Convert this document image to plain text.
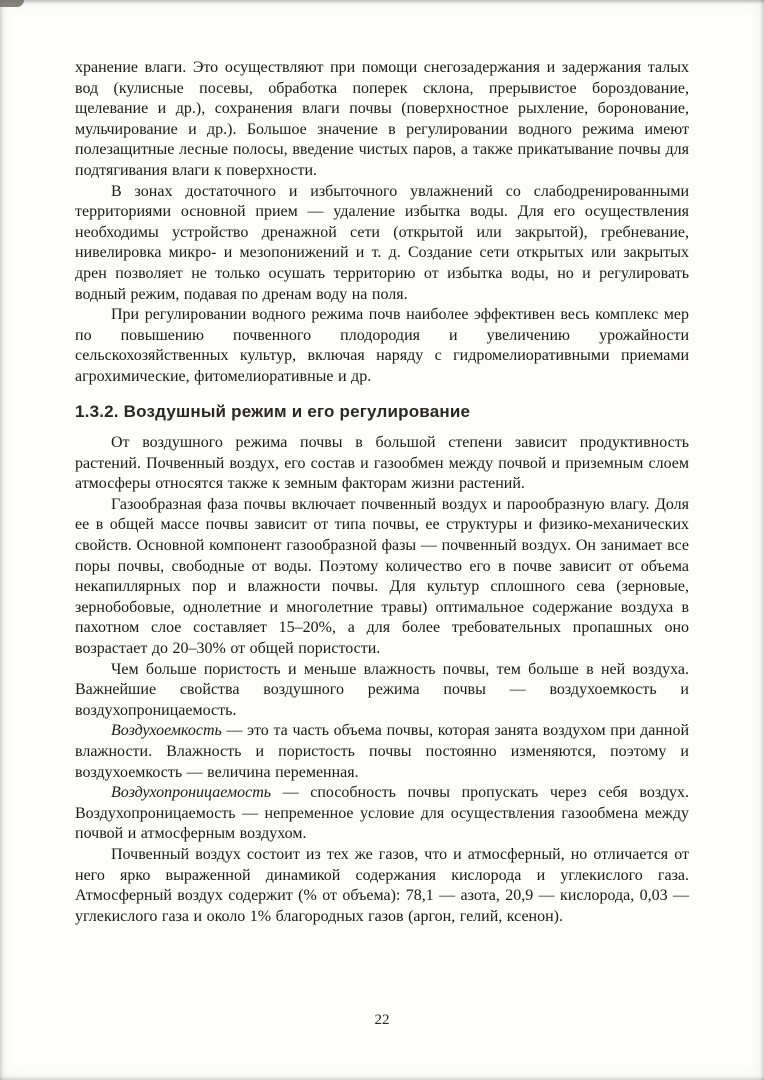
хранение влаги. Это осуществляют при помощи снегозадержания и задержания талых вод (кулисные посевы, обработка поперек склона, прерывистое бороздование, щелевание и др.), сохранения влаги почвы (поверхностное рыхление, боронование, мульчирование и др.). Большое значение в регулировании водного режима имеют полезащитные лесные полосы, введение чистых паров, а также прикатывание почвы для подтягивания влаги к поверхности.

В зонах достаточного и избыточного увлажнений со слабодренированными территориями основной прием — удаление избытка воды. Для его осуществления необходимы устройство дренажной сети (открытой или закрытой), гребневание, нивелировка микро- и мезопонижений и т. д. Создание сети открытых или закрытых дрен позволяет не только осушать территорию от избытка воды, но и регулировать водный режим, подавая по дренам воду на поля.

При регулировании водного режима почв наиболее эффективен весь комплекс мер по повышению почвенного плодородия и увеличению урожайности сельскохозяйственных культур, включая наряду с гидромелиоративными приемами агрохимические, фитомелиоративные и др.

1.3.2. Воздушный режим и его регулирование

От воздушного режима почвы в большой степени зависит продуктивность растений. Почвенный воздух, его состав и газообмен между почвой и приземным слоем атмосферы относятся также к земным факторам жизни растений.

Газообразная фаза почвы включает почвенный воздух и парообразную влагу. Доля ее в общей массе почвы зависит от типа почвы, ее структуры и физико-механических свойств. Основной компонент газообразной фазы — почвенный воздух. Он занимает все поры почвы, свободные от воды. Поэтому количество его в почве зависит от объема некапиллярных пор и влажности почвы. Для культур сплошного сева (зерновые, зернобобовые, однолетние и многолетние травы) оптимальное содержание воздуха в пахотном слое составляет 15–20%, а для более требовательных пропашных оно возрастает до 20–30% от общей пористости.

Чем больше пористость и меньше влажность почвы, тем больше в ней воздуха. Важнейшие свойства воздушного режима почвы — воздухоемкость и воздухопроницаемость.

Воздухоемкость — это та часть объема почвы, которая занята воздухом при данной влажности. Влажность и пористость почвы постоянно изменяются, поэтому и воздухоемкость — величина переменная.

Воздухопроницаемость — способность почвы пропускать через себя воздух. Воздухопроницаемость — непременное условие для осуществления газообмена между почвой и атмосферным воздухом.

Почвенный воздух состоит из тех же газов, что и атмосферный, но отличается от него ярко выраженной динамикой содержания кислорода и углекислого газа. Атмосферный воздух содержит (% от объема): 78,1 — азота, 20,9 — кислорода, 0,03 — углекислого газа и около 1% благородных газов (аргон, гелий, ксенон).

22
